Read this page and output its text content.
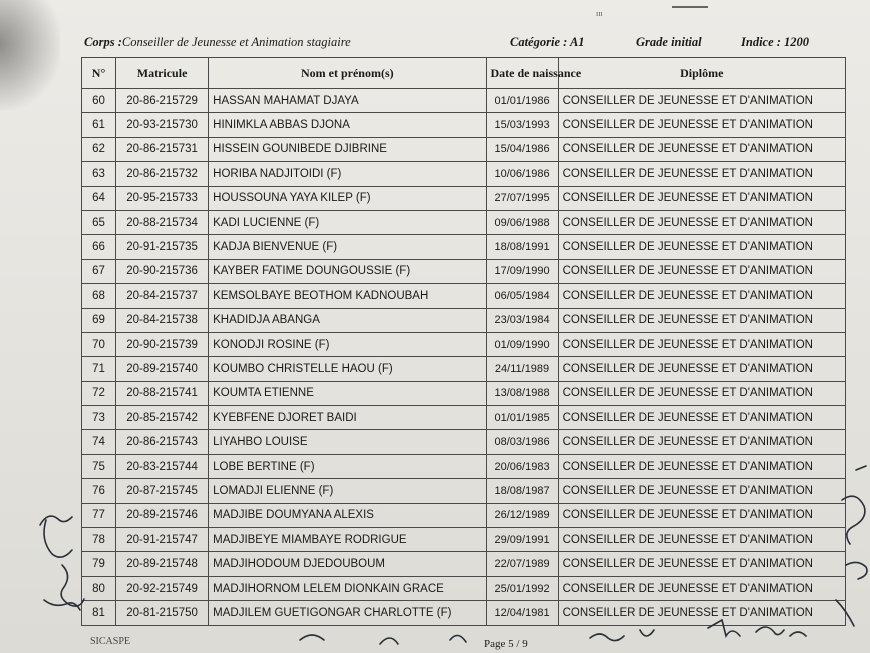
ᴵᴵᴵ
Corps :Conseiller de Jeunesse et Animation stagiaire	Catégorie : A1	Grade initial	Indice : 1200
N°	Matricule	Nom et prénom(s)	Date de naissance	Diplôme
60	20-86-215729	HASSAN MAHAMAT DJAYA	01/01/1986	CONSEILLER DE JEUNESSE ET D'ANIMATION
61	20-93-215730	HINIMKLA ABBAS DJONA	15/03/1993	CONSEILLER DE JEUNESSE ET D'ANIMATION
62	20-86-215731	HISSEIN GOUNIBEDE DJIBRINE	15/04/1986	CONSEILLER DE JEUNESSE ET D'ANIMATION
63	20-86-215732	HORIBA NADJITOIDI (F)	10/06/1986	CONSEILLER DE JEUNESSE ET D'ANIMATION
64	20-95-215733	HOUSSOUNA YAYA KILEP (F)	27/07/1995	CONSEILLER DE JEUNESSE ET D'ANIMATION
65	20-88-215734	KADI LUCIENNE (F)	09/06/1988	CONSEILLER DE JEUNESSE ET D'ANIMATION
66	20-91-215735	KADJA BIENVENUE (F)	18/08/1991	CONSEILLER DE JEUNESSE ET D'ANIMATION
67	20-90-215736	KAYBER FATIME DOUNGOUSSIE (F)	17/09/1990	CONSEILLER DE JEUNESSE ET D'ANIMATION
68	20-84-215737	KEMSOLBAYE BEOTHOM KADNOUBAH	06/05/1984	CONSEILLER DE JEUNESSE ET D'ANIMATION
69	20-84-215738	KHADIDJA ABANGA	23/03/1984	CONSEILLER DE JEUNESSE ET D'ANIMATION
70	20-90-215739	KONODJI ROSINE (F)	01/09/1990	CONSEILLER DE JEUNESSE ET D'ANIMATION
71	20-89-215740	KOUMBO CHRISTELLE HAOU (F)	24/11/1989	CONSEILLER DE JEUNESSE ET D'ANIMATION
72	20-88-215741	KOUMTA ETIENNE	13/08/1988	CONSEILLER DE JEUNESSE ET D'ANIMATION
73	20-85-215742	KYEBFENE DJORET BAIDI	01/01/1985	CONSEILLER DE JEUNESSE ET D'ANIMATION
74	20-86-215743	LIYAHBO LOUISE	08/03/1986	CONSEILLER DE JEUNESSE ET D'ANIMATION
75	20-83-215744	LOBE BERTINE (F)	20/06/1983	CONSEILLER DE JEUNESSE ET D'ANIMATION
76	20-87-215745	LOMADJI ELIENNE (F)	18/08/1987	CONSEILLER DE JEUNESSE ET D'ANIMATION
77	20-89-215746	MADJIBE DOUMYANA ALEXIS	26/12/1989	CONSEILLER DE JEUNESSE ET D'ANIMATION
78	20-91-215747	MADJIBEYE MIAMBAYE RODRIGUE	29/09/1991	CONSEILLER DE JEUNESSE ET D'ANIMATION
79	20-89-215748	MADJIHODOUM DJEDOUBOUM	22/07/1989	CONSEILLER DE JEUNESSE ET D'ANIMATION
80	20-92-215749	MADJIHORNOM LELEM DIONKAIN GRACE	25/01/1992	CONSEILLER DE JEUNESSE ET D'ANIMATION
81	20-81-215750	MADJILEM GUETIGONGAR CHARLOTTE (F)	12/04/1981	CONSEILLER DE JEUNESSE ET D'ANIMATION
SICASPE	Page 5 / 9
